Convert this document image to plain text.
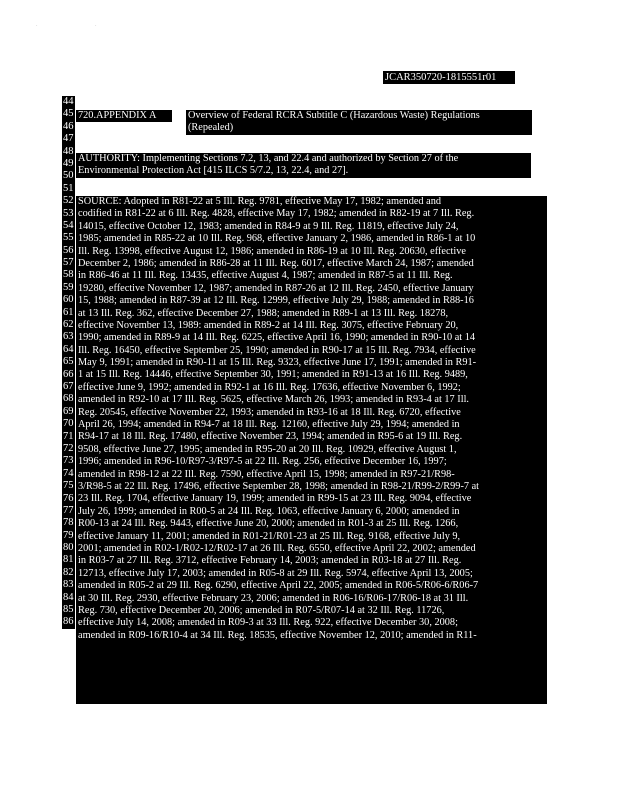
. .
JCAR350720-1815551r01
44
45
46
47
48
49
50
51
52
53
54
55
56
57
58
59
60
61
62
63
64
65
66
67
68
69
70
71
72
73
74
75
76
77
78
79
80
81
82
83
84
85
86
720.APPENDIX A	Overview of Federal RCRA Subtitle C (Hazardous Waste) Regulations
(Repealed)
AUTHORITY: Implementing Sections 7.2, 13, and 22.4 and authorized by Section 27 of the
Environmental Protection Act [415 ILCS 5/7.2, 13, 22.4, and 27].
SOURCE: Adopted in R81-22 at 5 Ill. Reg. 9781, effective May 17, 1982; amended and
codified in R81-22 at 6 Ill. Reg. 4828, effective May 17, 1982; amended in R82-19 at 7 Ill. Reg.
14015, effective October 12, 1983; amended in R84-9 at 9 Ill. Reg. 11819, effective July 24,
1985; amended in R85-22 at 10 Ill. Reg. 968, effective January 2, 1986, amended in R86-1 at 10
Ill. Reg. 13998, effective August 12, 1986; amended in R86-19 at 10 Ill. Reg. 20630, effective
December 2, 1986; amended in R86-28 at 11 Ill. Reg. 6017, effective March 24, 1987; amended
in R86-46 at 11 Ill. Reg. 13435, effective August 4, 1987; amended in R87-5 at 11 Ill. Reg.
19280, effective November 12, 1987; amended in R87-26 at 12 Ill. Reg. 2450, effective January
15, 1988; amended in R87-39 at 12 Ill. Reg. 12999, effective July 29, 1988; amended in R88-16
at 13 Ill. Reg. 362, effective December 27, 1988; amended in R89-1 at 13 Ill. Reg. 18278,
effective November 13, 1989: amended in R89-2 at 14 Ill. Reg. 3075, effective February 20,
1990; amended in R89-9 at 14 Ill. Reg. 6225, effective April 16, 1990; amended in R90-10 at 14
Ill. Reg. 16450, effective September 25, 1990; amended in R90-17 at 15 Ill. Reg. 7934, effective
May 9, 1991; amended in R90-11 at 15 Ill. Reg. 9323, effective June 17, 1991; amended in R91-
1 at 15 Ill. Reg. 14446, effective September 30, 1991; amended in R91-13 at 16 Ill. Reg. 9489,
effective June 9, 1992; amended in R92-1 at 16 Ill. Reg. 17636, effective November 6, 1992;
amended in R92-10 at 17 Ill. Reg. 5625, effective March 26, 1993; amended in R93-4 at 17 Ill.
Reg. 20545, effective November 22, 1993; amended in R93-16 at 18 Ill. Reg. 6720, effective
April 26, 1994; amended in R94-7 at 18 Ill. Reg. 12160, effective July 29, 1994; amended in
R94-17 at 18 Ill. Reg. 17480, effective November 23, 1994; amended in R95-6 at 19 Ill. Reg.
9508, effective June 27, 1995; amended in R95-20 at 20 Ill. Reg. 10929, effective August 1,
1996; amended in R96-10/R97-3/R97-5 at 22 Ill. Reg. 256, effective December 16, 1997;
amended in R98-12 at 22 Ill. Reg. 7590, effective April 15, 1998; amended in R97-21/R98-
3/R98-5 at 22 Ill. Reg. 17496, effective September 28, 1998; amended in R98-21/R99-2/R99-7 at
23 Ill. Reg. 1704, effective January 19, 1999; amended in R99-15 at 23 Ill. Reg. 9094, effective
July 26, 1999; amended in R00-5 at 24 Ill. Reg. 1063, effective January 6, 2000; amended in
R00-13 at 24 Ill. Reg. 9443, effective June 20, 2000; amended in R01-3 at 25 Ill. Reg. 1266,
effective January 11, 2001; amended in R01-21/R01-23 at 25 Ill. Reg. 9168, effective July 9,
2001; amended in R02-1/R02-12/R02-17 at 26 Ill. Reg. 6550, effective April 22, 2002; amended
in R03-7 at 27 Ill. Reg. 3712, effective February 14, 2003; amended in R03-18 at 27 Ill. Reg.
12713, effective July 17, 2003; amended in R05-8 at 29 Ill. Reg. 5974, effective April 13, 2005;
amended in R05-2 at 29 Ill. Reg. 6290, effective April 22, 2005; amended in R06-5/R06-6/R06-7
at 30 Ill. Reg. 2930, effective February 23, 2006; amended in R06-16/R06-17/R06-18 at 31 Ill.
Reg. 730, effective December 20, 2006; amended in R07-5/R07-14 at 32 Ill. Reg. 11726,
effective July 14, 2008; amended in R09-3 at 33 Ill. Reg. 922, effective December 30, 2008;
amended in R09-16/R10-4 at 34 Ill. Reg. 18535, effective November 12, 2010; amended in R11-
